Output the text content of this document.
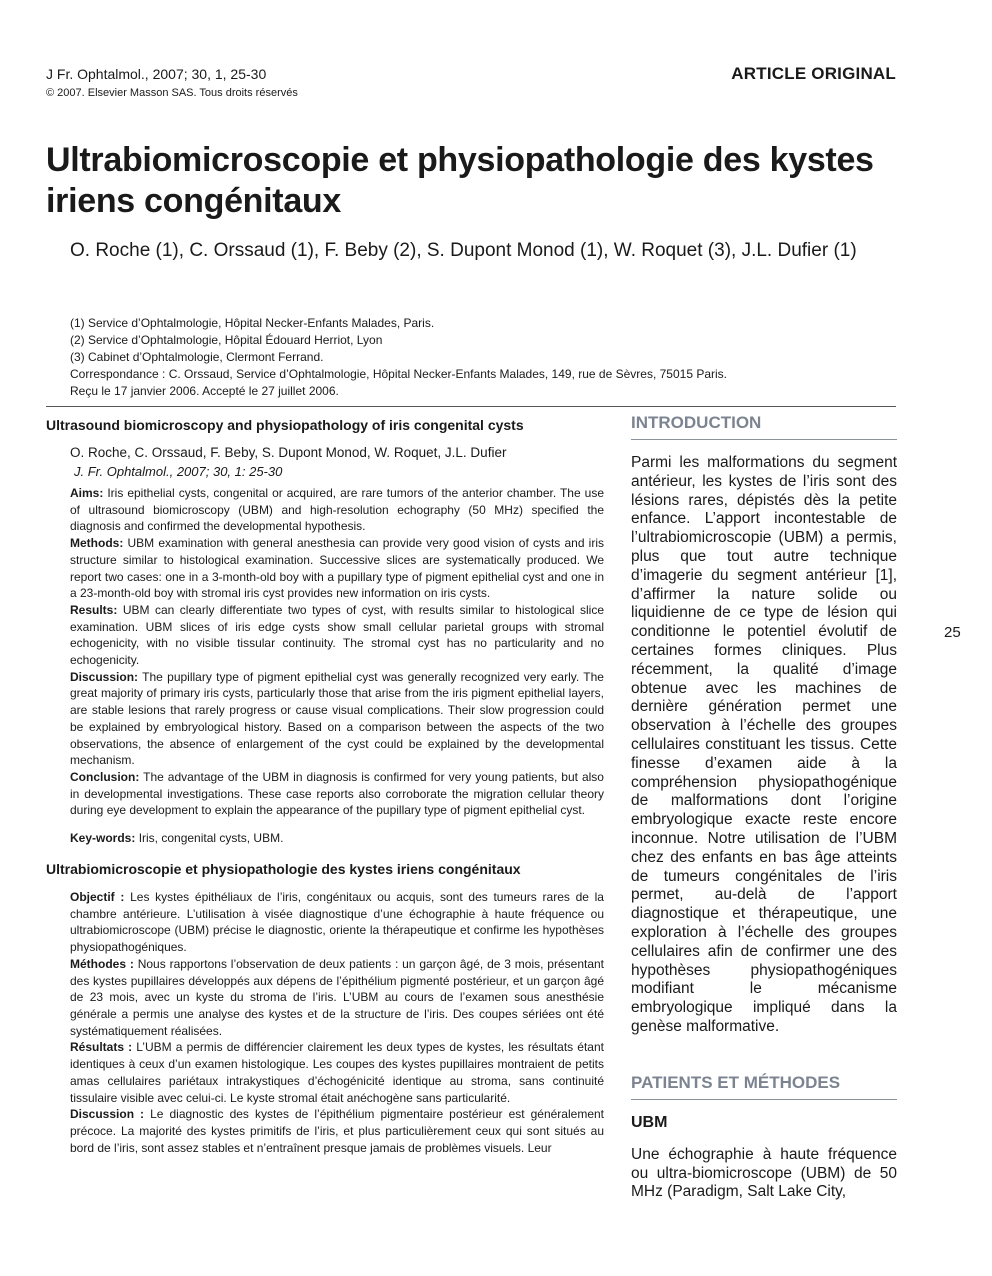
J Fr. Ophtalmol., 2007; 30, 1, 25-30
© 2007. Elsevier Masson SAS. Tous droits réservés
ARTICLE ORIGINAL
Ultrabiomicroscopie et physiopathologie des kystes iriens congénitaux
O. Roche (1), C. Orssaud (1), F. Beby (2), S. Dupont Monod (1), W. Roquet (3), J.L. Dufier (1)
(1) Service d’Ophtalmologie, Hôpital Necker-Enfants Malades, Paris.
(2) Service d’Ophtalmologie, Hôpital Édouard Herriot, Lyon
(3) Cabinet d’Ophtalmologie, Clermont Ferrand.
Correspondance : C. Orssaud, Service d’Ophtalmologie, Hôpital Necker-Enfants Malades, 149, rue de Sèvres, 75015 Paris.
Reçu le 17 janvier 2006. Accepté le 27 juillet 2006.
Ultrasound biomicroscopy and physiopathology of iris congenital cysts
O. Roche, C. Orssaud, F. Beby, S. Dupont Monod, W. Roquet, J.L. Dufier
J. Fr. Ophtalmol., 2007; 30, 1: 25-30
Aims: Iris epithelial cysts, congenital or acquired, are rare tumors of the anterior chamber. The use of ultrasound biomicroscopy (UBM) and high-resolution echography (50 MHz) specified the diagnosis and confirmed the developmental hypothesis.
Methods: UBM examination with general anesthesia can provide very good vision of cysts and iris structure similar to histological examination. Successive slices are systematically produced. We report two cases: one in a 3-month-old boy with a pupillary type of pigment epithelial cyst and one in a 23-month-old boy with stromal iris cyst provides new information on iris cysts.
Results: UBM can clearly differentiate two types of cyst, with results similar to histological slice examination. UBM slices of iris edge cysts show small cellular parietal groups with stromal echogenicity, with no visible tissular continuity. The stromal cyst has no particularity and no echogenicity.
Discussion: The pupillary type of pigment epithelial cyst was generally recognized very early. The great majority of primary iris cysts, particularly those that arise from the iris pigment epithelial layers, are stable lesions that rarely progress or cause visual complications. Their slow progression could be explained by embryological history. Based on a comparison between the aspects of the two observations, the absence of enlargement of the cyst could be explained by the developmental mechanism.
Conclusion: The advantage of the UBM in diagnosis is confirmed for very young patients, but also in developmental investigations. These case reports also corroborate the migration cellular theory during eye development to explain the appearance of the pupillary type of pigment epithelial cyst.
Key-words: Iris, congenital cysts, UBM.
Ultrabiomicroscopie et physiopathologie des kystes iriens congénitaux
Objectif : Les kystes épithéliaux de l’iris, congénitaux ou acquis, sont des tumeurs rares de la chambre antérieure. L’utilisation à visée diagnostique d’une échographie à haute fréquence ou ultrabiomicroscope (UBM) précise le diagnostic, oriente la thérapeutique et confirme les hypothèses physiopathogéniques.
Méthodes : Nous rapportons l’observation de deux patients : un garçon âgé, de 3 mois, présentant des kystes pupillaires développés aux dépens de l’épithélium pigmenté postérieur, et un garçon âgé de 23 mois, avec un kyste du stroma de l’iris. L’UBM au cours de l’examen sous anesthésie générale a permis une analyse des kystes et de la structure de l’iris. Des coupes sériées ont été systématiquement réalisées.
Résultats : L’UBM a permis de différencier clairement les deux types de kystes, les résultats étant identiques à ceux d’un examen histologique. Les coupes des kystes pupillaires montraient de petits amas cellulaires pariétaux intrakystiques d’échogénicité identique au stroma, sans continuité tissulaire visible avec celui-ci. Le kyste stromal était anéchogène sans particularité.
Discussion : Le diagnostic des kystes de l’épithélium pigmentaire postérieur est généralement précoce. La majorité des kystes primitifs de l’iris, et plus particulièrement ceux qui sont situés au bord de l’iris, sont assez stables et n’entraînent presque jamais de problèmes visuels. Leur
INTRODUCTION
Parmi les malformations du segment antérieur, les kystes de l’iris sont des lésions rares, dépistés dès la petite enfance. L’apport incontestable de l’ultrabiomicroscopie (UBM) a permis, plus que tout autre technique d’imagerie du segment antérieur [1], d’affirmer la nature solide ou liquidienne de ce type de lésion qui conditionne le potentiel évolutif de certaines formes cliniques. Plus récemment, la qualité d’image obtenue avec les machines de dernière génération permet une observation à l’échelle des groupes cellulaires constituant les tissus. Cette finesse d’examen aide à la compréhension physiopathogénique de malformations dont l’origine embryologique exacte reste encore inconnue. Notre utilisation de l’UBM chez des enfants en bas âge atteints de tumeurs congénitales de l’iris permet, au-delà de l’apport diagnostique et thérapeutique, une exploration à l’échelle des groupes cellulaires afin de confirmer une des hypothèses physiopathogéniques modifiant le mécanisme embryologique impliqué dans la genèse malformative.
PATIENTS ET MÉTHODES
UBM
Une échographie à haute fréquence ou ultra-biomicroscope (UBM) de 50 MHz (Paradigm, Salt Lake City,
25
